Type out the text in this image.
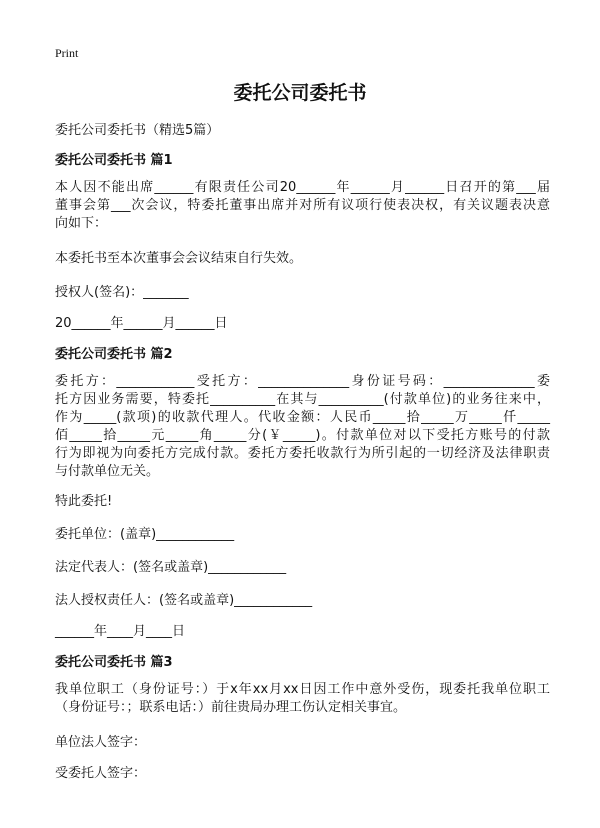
Print
委托公司委托书
委托公司委托书（精选5篇）
委托公司委托书 篇1
本人因不能出席______有限责任公司20______年______月______日召开的第___届
董事会第___次会议，特委托董事出席并对所有议项行使表决权，有关议题表决意
向如下：
本委托书至本次董事会会议结束自行失效。
授权人(签名)：_______
20______年______月______日
委托公司委托书 篇2
委托方：____________受托方：______________身份证号码：______________委
托方因业务需要，特委托__________在其与__________(付款单位)的业务往来中，
作为_____(款项)的收款代理人。代收金额：人民币_____拾_____万_____仟_____
佰_____拾_____元_____角_____分(￥_____)。付款单位对以下受托方账号的付款
行为即视为向委托方完成付款。委托方委托收款行为所引起的一切经济及法律职责
与付款单位无关。
特此委托!
委托单位：(盖章)____________
法定代表人：(签名或盖章)____________
法人授权责任人：(签名或盖章)____________
______年____月____日
委托公司委托书 篇3
我单位职工（身份证号：）于x年xx月xx日因工作中意外受伤，现委托我单位职工
（身份证号：；联系电话：）前往贵局办理工伤认定相关事宜。
单位法人签字：
受委托人签字：
